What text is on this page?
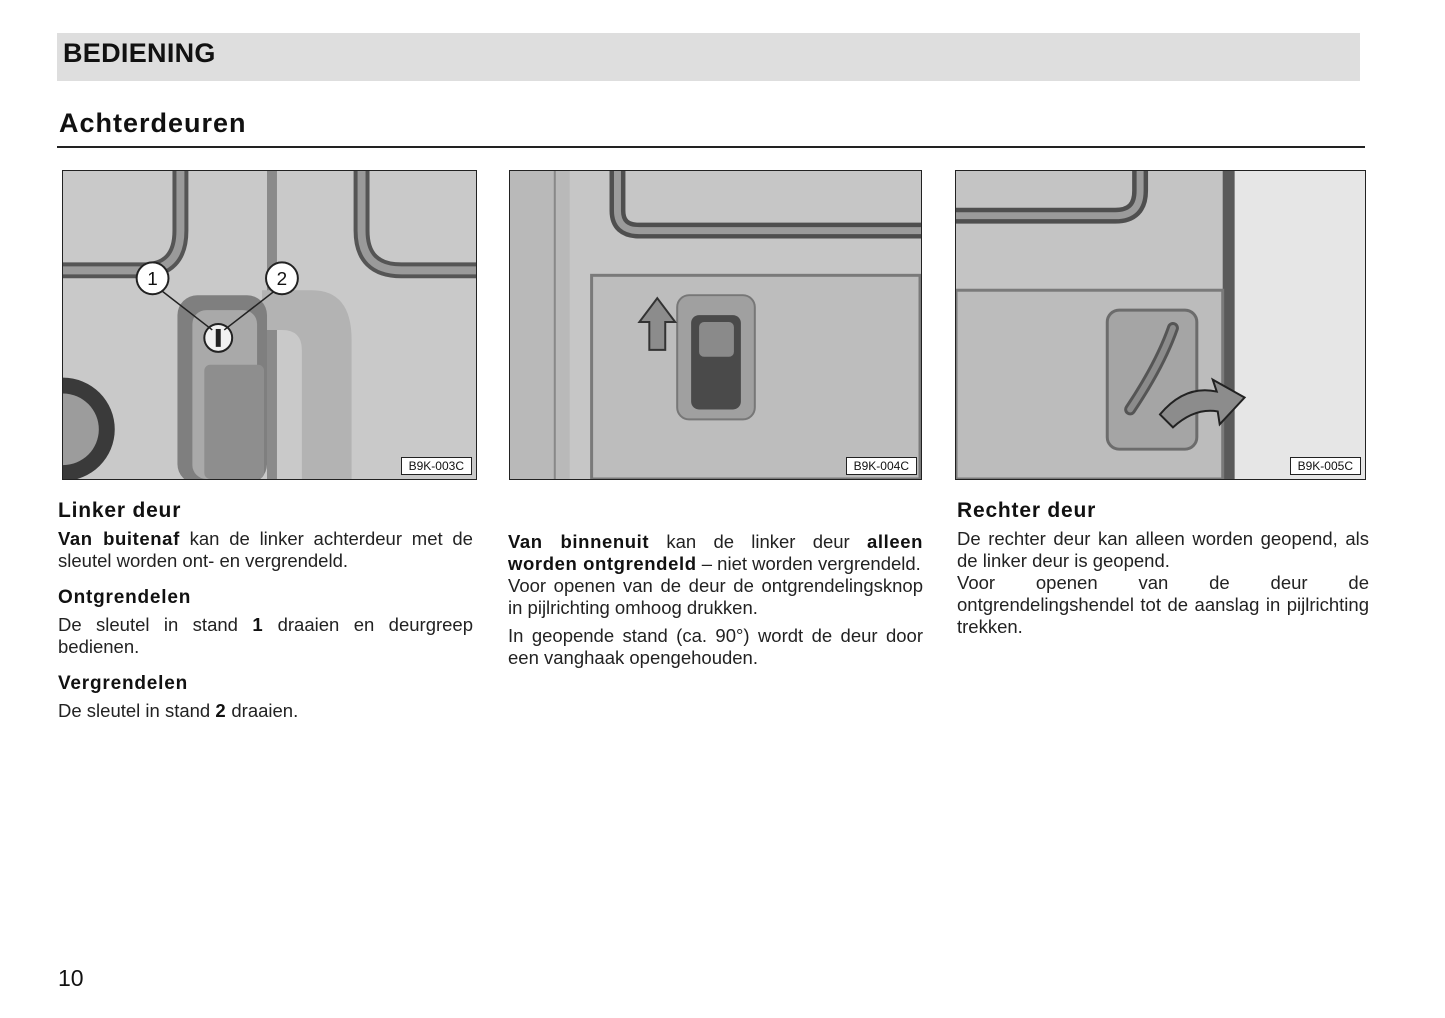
BEDIENING
Achterdeuren
1	2
B9K-003C	B9K-004C	B9K-005C
Linker deur

Van buitenaf kan de linker achterdeur met de sleutel worden ont- en vergrendeld.

Ontgrendelen

De sleutel in stand 1 draaien en deurgreep bedienen.

Vergrendelen

De sleutel in stand 2 draaien.

Van binnenuit kan de linker deur alleen worden ontgrendeld – niet worden vergrendeld.

Voor openen van de deur de ontgrendelingsknop in pijlrichting omhoog drukken.

In geopende stand (ca. 90°) wordt de deur door een vanghaak opengehouden.

Rechter deur

De rechter deur kan alleen worden geopend, als de linker deur is geopend.

Voor openen van de deur de ontgrendelingshendel tot de aanslag in pijlrichting trekken.

10
